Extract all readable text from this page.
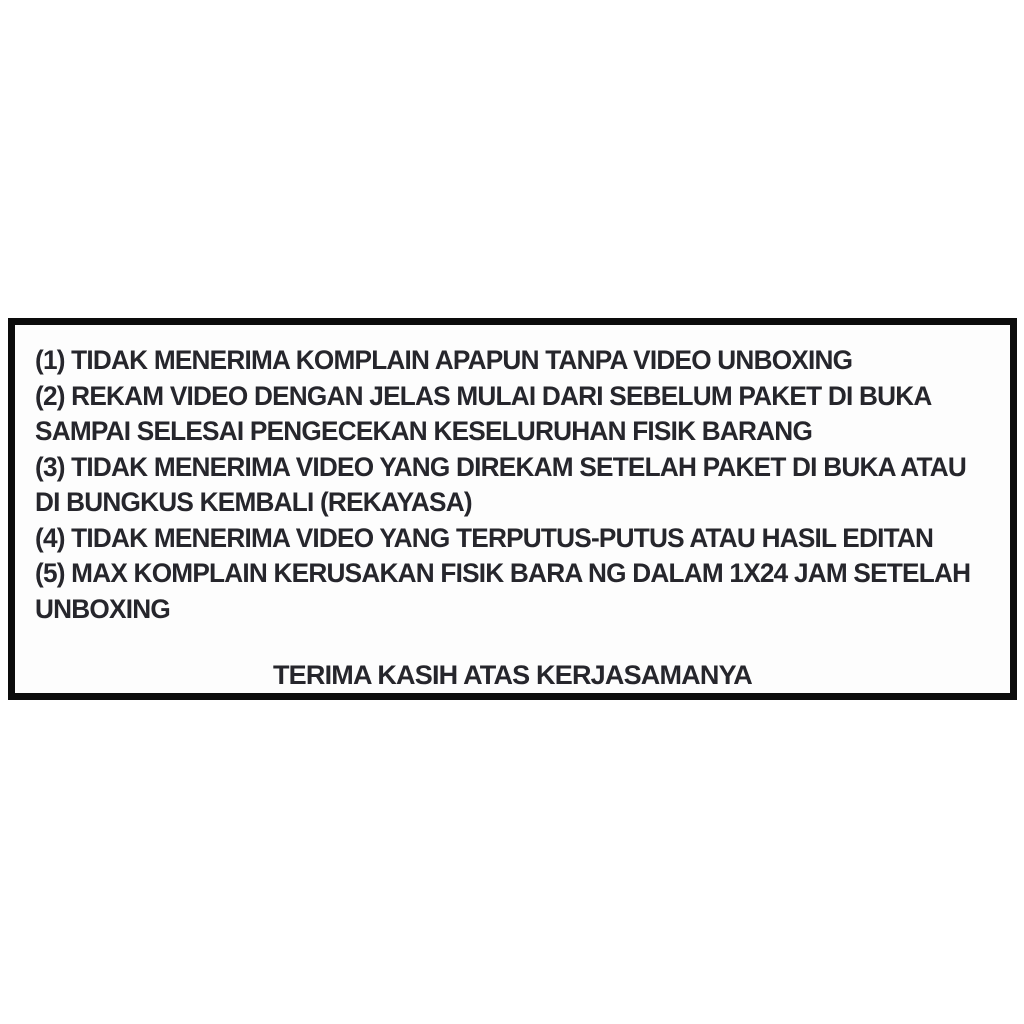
(1) TIDAK MENERIMA KOMPLAIN APAPUN TANPA VIDEO UNBOXING
(2) REKAM VIDEO DENGAN JELAS MULAI DARI SEBELUM PAKET DI BUKA
SAMPAI SELESAI PENGECEKAN KESELURUHAN FISIK BARANG
(3) TIDAK MENERIMA VIDEO YANG DIREKAM SETELAH PAKET DI BUKA ATAU
DI BUNGKUS KEMBALI (REKAYASA)
(4) TIDAK MENERIMA VIDEO YANG TERPUTUS-PUTUS ATAU HASIL EDITAN
(5) MAX KOMPLAIN KERUSAKAN FISIK BARA NG DALAM 1X24 JAM SETELAH
UNBOXING
TERIMA KASIH ATAS KERJASAMANYA
